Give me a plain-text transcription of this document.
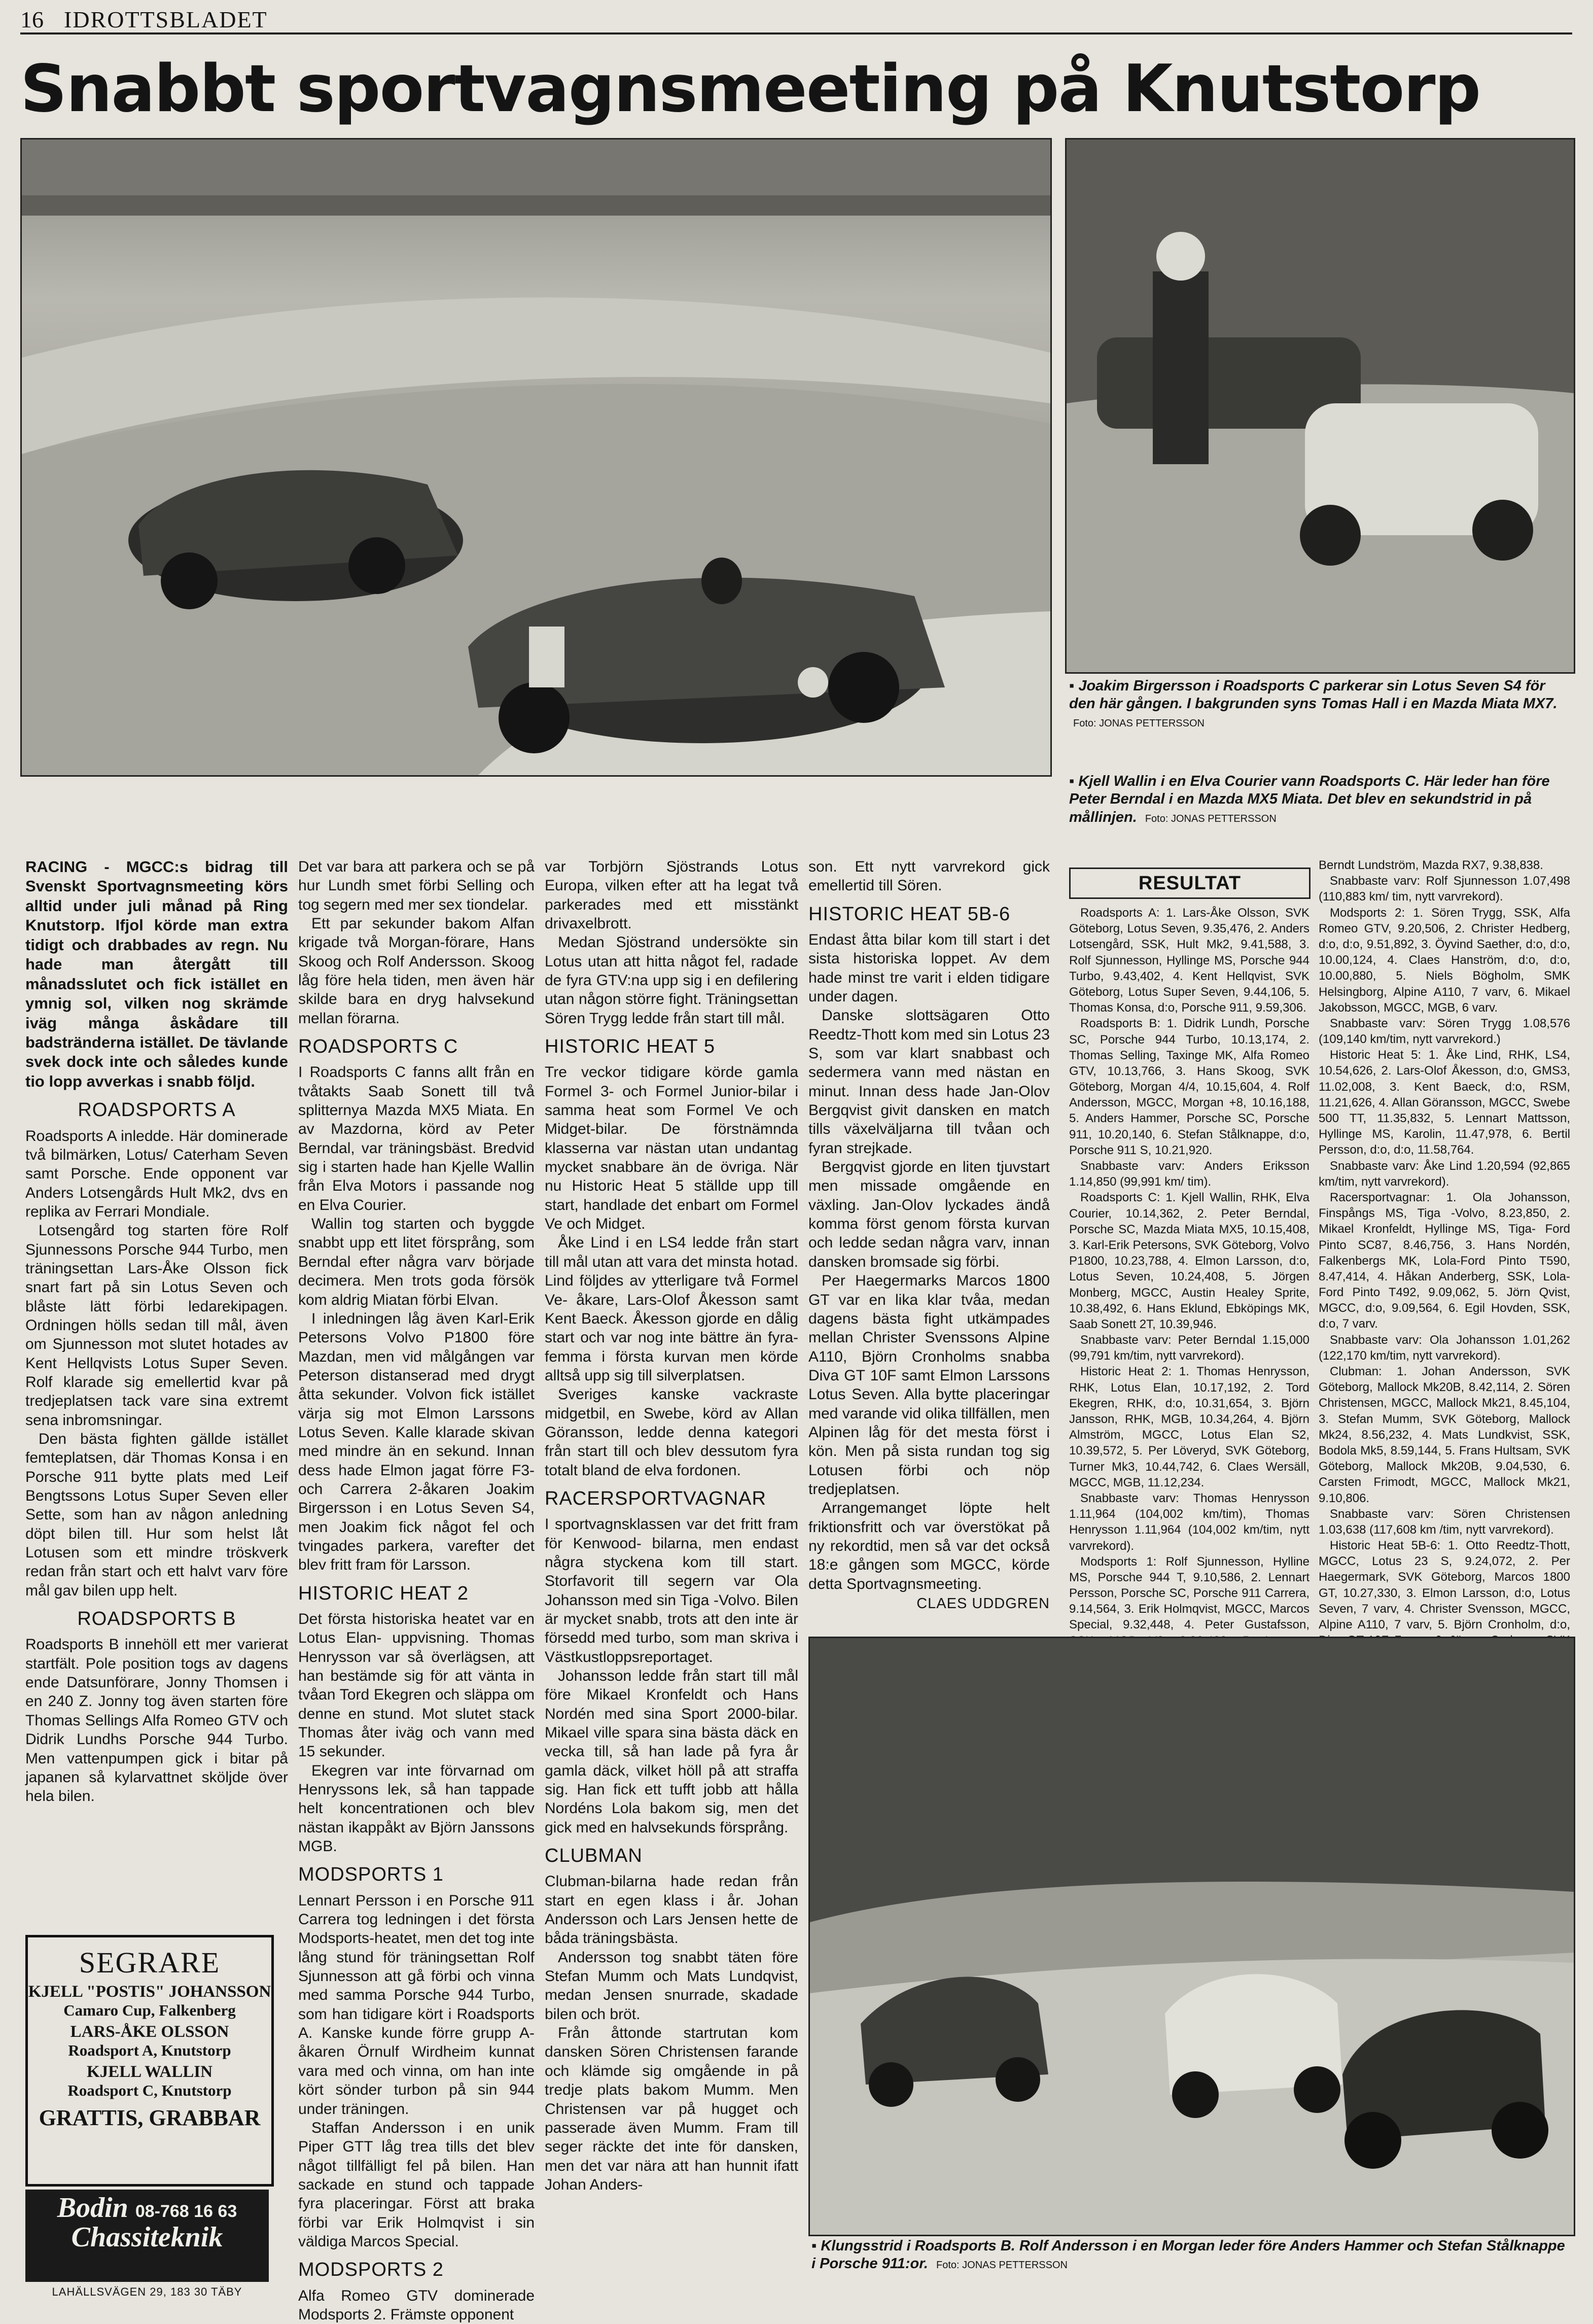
16 IDROTTSBLADET
Snabbt sportvagnsmeeting på Knutstorp
▪ Joakim Birgersson i Roadsports C parkerar sin Lotus Seven S4 för den här gången. I bakgrunden syns Tomas Hall i en Mazda Miata MX7. Foto: JONAS PETTERSSON
▪ Kjell Wallin i en Elva Courier vann Roadsports C. Här leder han före Peter Berndal i en Mazda MX5 Miata. Det blev en sekundstrid in på mållinjen. Foto: JONAS PETTERSSON

RACING - MGCC:s bidrag till Svenskt Sportvagnsmeeting körs alltid under juli månad på Ring Knutstorp. Ifjol körde man extra tidigt och drabbades av regn. Nu hade man återgått till månadsslutet och fick istället en ymnig sol, vilken nog skrämde iväg många åskådare till badstränderna istället. De tävlande svek dock inte och således kunde tio lopp avverkas i snabb följd.

ROADSPORTS A

Roadsports A inledde. Här dominerade två bilmärken, Lotus/ Caterham Seven samt Porsche. Ende opponent var Anders Lotsengårds Hult Mk2, dvs en replika av Ferrari Mondiale.

Lotsengård tog starten före Rolf Sjunnessons Porsche 944 Turbo, men träningsettan Lars-Åke Olsson fick snart fart på sin Lotus Seven och blåste lätt förbi ledarekipagen. Ordningen hölls sedan till mål, även om Sjunnesson mot slutet hotades av Kent Hellqvists Lotus Super Seven. Rolf klarade sig emellertid kvar på tredjeplatsen tack vare sina extremt sena inbromsningar.

Den bästa fighten gällde istället femteplatsen, där Thomas Konsa i en Porsche 911 bytte plats med Leif Bengtssons Lotus Super Seven eller Sette, som han av någon anledning döpt bilen till. Hur som helst låt Lotusen som ett mindre tröskverk redan från start och ett halvt varv före mål gav bilen upp helt.

ROADSPORTS B

Roadsports B innehöll ett mer varierat startfält. Pole position togs av dagens ende Datsunförare, Jonny Thomsen i en 240 Z. Jonny tog även starten före Thomas Sellings Alfa Romeo GTV och Didrik Lundhs Porsche 944 Turbo. Men vattenpumpen gick i bitar på japanen så kylarvattnet sköljde över hela bilen.

SEGRARE
KJELL "POSTIS" JOHANSSON
Camaro Cup, Falkenberg
LARS-ÅKE OLSSON
Roadsport A, Knutstorp
KJELL WALLIN
Roadsport C, Knutstorp
GRATTIS, GRABBAR
Bodin 08-768 16 63
Chassiteknik
LAHÄLLSVÄGEN 29, 183 30 TÄBY

Det var bara att parkera och se på hur Lundh smet förbi Selling och tog segern med mer sex tiondelar.

Ett par sekunder bakom Alfan krigade två Morgan-förare, Hans Skoog och Rolf Andersson. Skoog låg före hela tiden, men även här skilde bara en dryg halvsekund mellan förarna.

ROADSPORTS C

I Roadsports C fanns allt från en tvåtakts Saab Sonett till två splitternya Mazda MX5 Miata. En av Mazdorna, körd av Peter Berndal, var träningsbäst. Bredvid sig i starten hade han Kjelle Wallin från Elva Motors i passande nog en Elva Courier.

Wallin tog starten och byggde snabbt upp ett litet försprång, som Berndal efter några varv började decimera. Men trots goda försök kom aldrig Miatan förbi Elvan.

I inledningen låg även Karl-Erik Petersons Volvo P1800 före Mazdan, men vid målgången var Peterson distanserad med drygt åtta sekunder. Volvon fick istället värja sig mot Elmon Larssons Lotus Seven. Kalle klarade skivan med mindre än en sekund. Innan dess hade Elmon jagat förre F3- och Carrera 2-åkaren Joakim Birgersson i en Lotus Seven S4, men Joakim fick något fel och tvingades parkera, varefter det blev fritt fram för Larsson.

HISTORIC HEAT 2

Det första historiska heatet var en Lotus Elan- uppvisning. Thomas Henrysson var så överlägsen, att han bestämde sig för att vänta in tvåan Tord Ekegren och släppa om denne en stund. Mot slutet stack Thomas åter iväg och vann med 15 sekunder.

Ekegren var inte förvarnad om Henryssons lek, så han tappade helt koncentrationen och blev nästan ikappåkt av Björn Janssons MGB.

MODSPORTS 1

Lennart Persson i en Porsche 911 Carrera tog ledningen i det första Modsports-heatet, men det tog inte lång stund för träningsettan Rolf Sjunnesson att gå förbi och vinna med samma Porsche 944 Turbo, som han tidigare kört i Roadsports A. Kanske kunde förre grupp A-åkaren Örnulf Wirdheim kunnat vara med och vinna, om han inte kört sönder turbon på sin 944 under träningen.

Staffan Andersson i en unik Piper GTT låg trea tills det blev något tillfälligt fel på bilen. Han sackade en stund och tappade fyra placeringar. Först att braka förbi var Erik Holmqvist i sin väldiga Marcos Special.

MODSPORTS 2

Alfa Romeo GTV dominerade Modsports 2. Främste opponent

var Torbjörn Sjöstrands Lotus Europa, vilken efter att ha legat två parkerades med ett misstänkt drivaxelbrott.

Medan Sjöstrand undersökte sin Lotus utan att hitta något fel, radade de fyra GTV:na upp sig i en defilering utan någon större fight. Träningsettan Sören Trygg ledde från start till mål.

HISTORIC HEAT 5

Tre veckor tidigare körde gamla Formel 3- och Formel Junior-bilar i samma heat som Formel Ve och Midget-bilar. De förstnämnda klasserna var nästan utan undantag mycket snabbare än de övriga. När nu Historic Heat 5 ställde upp till start, handlade det enbart om Formel Ve och Midget.

Åke Lind i en LS4 ledde från start till mål utan att vara det minsta hotad. Lind följdes av ytterligare två Formel Ve- åkare, Lars-Olof Åkesson samt Kent Baeck. Åkesson gjorde en dålig start och var nog inte bättre än fyra-femma i första kurvan men körde alltså upp sig till silverplatsen.

Sveriges kanske vackraste midgetbil, en Swebe, körd av Allan Göransson, ledde denna kategori från start till och blev dessutom fyra totalt bland de elva fordonen.

RACERSPORTVAGNAR

I sportvagnsklassen var det fritt fram för Kenwood- bilarna, men endast några styckena kom till start. Storfavorit till segern var Ola Johansson med sin Tiga -Volvo. Bilen är mycket snabb, trots att den inte är försedd med turbo, som man skriva i Västkustloppsreportaget.

Johansson ledde från start till mål före Mikael Kronfeldt och Hans Nordén med sina Sport 2000-bilar. Mikael ville spara sina bästa däck en vecka till, så han lade på fyra år gamla däck, vilket höll på att straffa sig. Han fick ett tufft jobb att hålla Nordéns Lola bakom sig, men det gick med en halvsekunds försprång.

CLUBMAN

Clubman-bilarna hade redan från start en egen klass i år. Johan Andersson och Lars Jensen hette de båda träningsbästa.

Andersson tog snabbt täten före Stefan Mumm och Mats Lundqvist, medan Jensen snurrade, skadade bilen och bröt.

Från åttonde startrutan kom dansken Sören Christensen farande och klämde sig omgående in på tredje plats bakom Mumm. Men Christensen var på hugget och passerade även Mumm. Fram till seger räckte det inte för dansken, men det var nära att han hunnit ifatt Johan Anders-

son. Ett nytt varvrekord gick emellertid till Sören.

HISTORIC HEAT 5B-6

Endast åtta bilar kom till start i det sista historiska loppet. Av dem hade minst tre varit i elden tidigare under dagen.

Danske slottsägaren Otto Reedtz-Thott kom med sin Lotus 23 S, som var klart snabbast och sedermera vann med nästan en minut. Innan dess hade Jan-Olov Bergqvist givit dansken en match tills växelväljarna till tvåan och fyran strejkade.

Bergqvist gjorde en liten tjuvstart men missade omgående en växling. Jan-Olov lyckades ändå komma först genom första kurvan och ledde sedan några varv, innan dansken bromsade sig förbi.

Per Haegermarks Marcos 1800 GT var en lika klar tvåa, medan dagens bästa fight utkämpades mellan Christer Svenssons Alpine A110, Björn Cronholms snabba Diva GT 10F samt Elmon Larssons Lotus Seven. Alla bytte placeringar med varande vid olika tillfällen, men Alpinen låg för det mesta först i kön. Men på sista rundan tog sig Lotusen förbi och nöp tredjeplatsen.

Arrangemanget löpte helt friktionsfritt och var överstökat på ny rekordtid, men så var det också 18:e gången som MGCC, körde detta Sportvagnsmeeting.

CLAES UDDGREN
RESULTAT

Roadsports A: 1. Lars-Åke Olsson, SVK Göteborg, Lotus Seven, 9.35,476, 2. Anders Lotsengård, SSK, Hult Mk2, 9.41,588, 3. Rolf Sjunnesson, Hyllinge MS, Porsche 944 Turbo, 9.43,402, 4. Kent Hellqvist, SVK Göteborg, Lotus Super Seven, 9.44,106, 5. Thomas Konsa, d:o, Porsche 911, 9.59,306.

Roadsports B: 1. Didrik Lundh, Porsche SC, Porsche 944 Turbo, 10.13,174, 2. Thomas Selling, Taxinge MK, Alfa Romeo GTV, 10.13,766, 3. Hans Skoog, SVK Göteborg, Morgan 4/4, 10.15,604, 4. Rolf Andersson, MGCC, Morgan +8, 10.16,188, 5. Anders Hammer, Porsche SC, Porsche 911, 10.20,140, 6. Stefan Stålknappe, d:o, Porsche 911 S, 10.21,920.

Snabbaste varv: Anders Eriksson 1.14,850 (99,991 km/ tim).

Roadsports C: 1. Kjell Wallin, RHK, Elva Courier, 10.14,362, 2. Peter Berndal, Porsche SC, Mazda Miata MX5, 10.15,408, 3. Karl-Erik Petersons, SVK Göteborg, Volvo P1800, 10.23,788, 4. Elmon Larsson, d:o, Lotus Seven, 10.24,408, 5. Jörgen Monberg, MGCC, Austin Healey Sprite, 10.38,492, 6. Hans Eklund, Ebköpings MK, Saab Sonett 2T, 10.39,946.

Snabbaste varv: Peter Berndal 1.15,000 (99,791 km/tim, nytt varvrekord).

Historic Heat 2: 1. Thomas Henrysson, RHK, Lotus Elan, 10.17,192, 2. Tord Ekegren, RHK, d:o, 10.31,654, 3. Björn Jansson, RHK, MGB, 10.34,264, 4. Björn Almström, MGCC, Lotus Elan S2, 10.39,572, 5. Per Löveryd, SVK Göteborg, Turner Mk3, 10.44,742, 6. Claes Wersäll, MGCC, MGB, 11.12,234.

Snabbaste varv: Thomas Henrysson 1.11,964 (104,002 km/tim), Thomas Henrysson 1.11,964 (104,002 km/tim, nytt varvrekord).

Modsports 1: Rolf Sjunnesson, Hylline MS, Porsche 944 T, 9.10,586, 2. Lennart Persson, Porsche SC, Porsche 911 Carrera, 9.14,564, 3. Erik Holmqvist, MGCC, Marcos Special, 9.32,448, 4. Peter Gustafsson,

Berndt Lundström, Mazda RX7, 9.38,838.

Snabbaste varv: Rolf Sjunnesson 1.07,498 (110,883 km/ tim, nytt varvrekord).

Modsports 2: 1. Sören Trygg, SSK, Alfa Romeo GTV, 9.20,506, 2. Christer Hedberg, d:o, d:o, 9.51,892, 3. Öyvind Saether, d:o, d:o, 10.00,124, 4. Claes Hanström, d:o, d:o, 10.00,880, 5. Niels Bögholm, SMK Helsingborg, Alpine A110, 7 varv, 6. Mikael Jakobsson, MGCC, MGB, 6 varv.

Snabbaste varv: Sören Trygg 1.08,576 (109,140 km/tim, nytt varvrekord.)

Historic Heat 5: 1. Åke Lind, RHK, LS4, 10.54,626, 2. Lars-Olof Åkesson, d:o, GMS3, 11.02,008, 3. Kent Baeck, d:o, RSM, 11.21,626, 4. Allan Göransson, MGCC, Swebe 500 TT, 11.35,832, 5. Lennart Mattsson, Hyllinge MS, Karolin, 11.47,978, 6. Bertil Persson, d:o, d:o, 11.58,764.

Snabbaste varv: Åke Lind 1.20,594 (92,865 km/tim, nytt varvrekord).

Racersportvagnar: 1. Ola Johansson, Finspångs MS, Tiga -Volvo, 8.23,850, 2. Mikael Kronfeldt, Hyllinge MS, Tiga- Ford Pinto SC87, 8.46,756, 3. Hans Nordén, Falkenbergs MK, Lola-Ford Pinto T590, 8.47,414, 4. Håkan Anderberg, SSK, Lola-Ford Pinto T492, 9.09,062, 5. Jörn Qvist, MGCC, d:o, 9.09,564, 6. Egil Hovden, SSK, d:o, 7 varv.

Snabbaste varv: Ola Johansson 1.01,262 (122,170 km/tim, nytt varvrekord).

Clubman: 1. Johan Andersson, SVK Göteborg, Mallock Mk20B, 8.42,114, 2. Sören Christensen, MGCC, Mallock Mk21, 8.45,104, 3. Stefan Mumm, SVK Göteborg, Mallock Mk24, 8.56,232, 4. Mats Lundkvist, SSK, Bodola Mk5, 8.59,144, 5. Frans Hultsam, SVK Göteborg, Mallock Mk20B, 9.04,530, 6. Carsten Frimodt, MGCC, Mallock Mk21, 9.10,806.

Snabbaste varv: Sören Christensen 1.03,638 (117,608 km /tim, nytt varvrekord).

Historic Heat 5B-6: 1. Otto Reedtz-Thott, MGCC, Lotus 23 S, 9.24,072, 2. Per Haegermark, SVK Göteborg, Marcos 1800 GT, 10.27,330, 3. Elmon Larsson, d:o, Lotus Seven, 7 varv, 4. Christer Svensson, MGCC, Alpine A110, 7 varv, 5. Björn Cronholm, d:o,

▪ Klungsstrid i Roadsports B. Rolf Andersson i en Morgan leder före Anders Hammer och Stefan Stålknappe i Porsche 911:or. Foto: JONAS PETTERSSON
